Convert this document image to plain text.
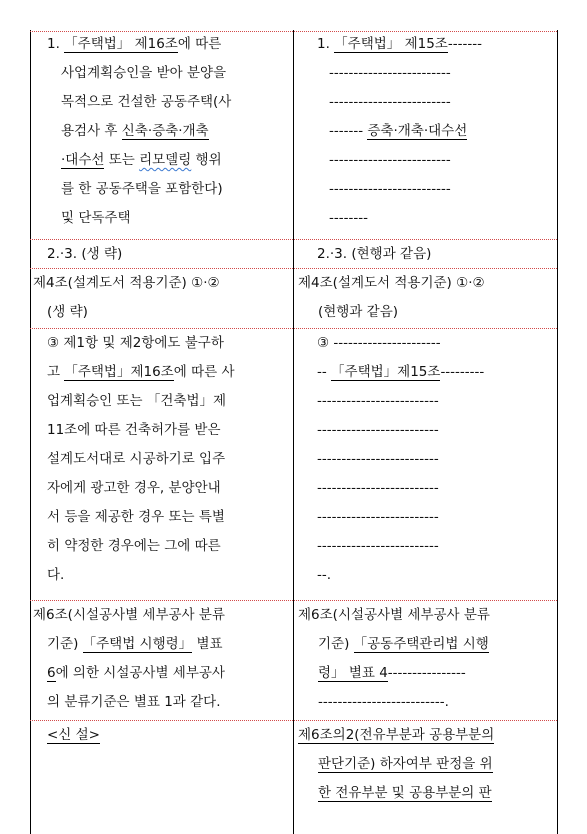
1. 「주택법」 제16조에 따른
사업계획승인을 받아 분양을
목적으로 건설한 공동주택(사
용검사 후 신축·증축·개축
·대수선 또는 리모델링 행위
를 한 공동주택을 포함한다)
및 단독주택
1. 「주택법」 제15조-------
-------------------------
-------------------------
------- 증축·개축·대수선
-------------------------
-------------------------
--------
2.·3. (생 략)	2.·3. (현행과 같음)
제4조(설계도서 적용기준) ①·②
(생 략)
제4조(설계도서 적용기준) ①·②
(현행과 같음)
③ 제1항 및 제2항에도 불구하
고 「주택법」제16조에 따른 사
업계획승인 또는 「건축법」제
11조에 따른 건축허가를 받은
설계도서대로 시공하기로 입주
자에게 광고한 경우, 분양안내
서 등을 제공한 경우 또는 특별
히 약정한 경우에는 그에 따른
다.
③ ----------------------
-- 「주택법」제15조---------
-------------------------
-------------------------
-------------------------
-------------------------
-------------------------
-------------------------
--.
제6조(시설공사별 세부공사 분류
기준) 「주택법 시행령」 별표
6에 의한 시설공사별 세부공사
의 분류기준은 별표 1과 같다.
제6조(시설공사별 세부공사 분류
기준) 「공동주택관리법 시행
령」 별표 4----------------
--------------------------.
<신 설>	제6조의2(전유부분과 공용부분의
판단기준) 하자여부 판정을 위
한 전유부분 및 공용부분의 판
